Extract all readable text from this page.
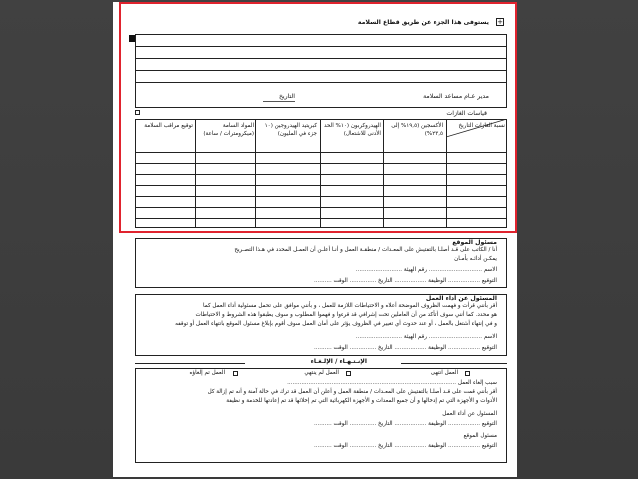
+
يستوفى هذا الجزء عن طريق قطاع السلامة
مدير عـام مساعد السلامة
التاريخ
قياسات الغازات
نسبة الغازات التاريخ
الأكسجين (١٩,٥% إلى ٢٣,٥%)
الهيدروكربون (١٠% الحد الأدنى للاشتعال)
كبريتيد الهيدروجين (١٠ جزء في المليون)
المواد السامة (ميكرومترات / ساعة)
توقيع مراقب السلامة
مسئول الموقع
أنا / الكاتب على قـد أصلـا بالتفتيش على المعـدات / منطقـة العمل و أنـا أعلـن أن العمـل المحدد في هـذا التصـريح
يمكـن أدائـه بأمـان
الاسم .............................. رقم الهيئة ..........................
التوقيع .................. الوظيفة .................. التاريخ ............... الوقت ..........
المسئول عن أداء العمل
أقر بأنني قرأت و فهمت الظروف الموضحة أعلاه و الاحتياطات اللازمة للعمل ، و بأنني موافق على تحمل مسئولية أداء العمل كما
هو محدد. كما أنني سوف أتأكد من أن العاملين تحت إشرافي قد قرءوا و فهموا المطلوب و سوف يطبقوا هذه الشروط و الاحتياطات
و في إنتهاء أشتغل بالعمل ، أو عند حدوث أي تغيير في الظروف يؤثر على أمان العمل سوف أقوم بإبلاغ مسئول الموقع بانتهاء العمل أو توقفه
الاسم .............................. رقم الهيئة ..........................
التوقيع .................. الوظيفة .................. التاريخ ............... الوقت ..........
الإنـتـهـاء / الإلـغـاء
العمل انتهى
العمل لم ينتهي
العمل تم إلغاؤه
سبب إلغاء العمل ...............................................................................................
أقر بأنني قمت على قـد أصلـا بالتفتيش على المعـدات / منطقة العمل و أعلن أن العمل قد ترك في حالة آمنة و أنه تم إزالة كل
الأدوات و الأجهزة التي تم إدخالها و أن جميع المعدات و الأجهزة الكهربائية التي تم إخلائها قد تم إعادتها للخدمة و نظيفة
المسئول عن أداء العمل
التوقيع .................. الوظيفة .................. التاريخ ............... الوقت ..........
مسئول الموقع
التوقيع .................. الوظيفة .................. التاريخ ............... الوقت ..........
